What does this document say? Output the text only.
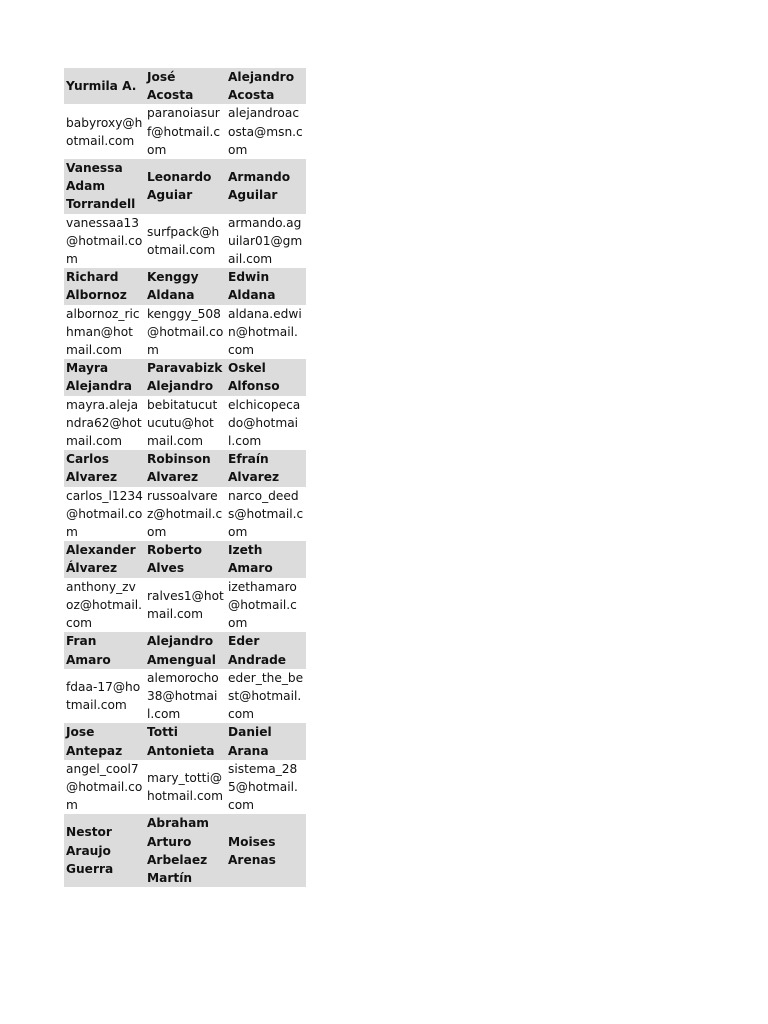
Yurmila A.	José Acosta	Alejandro Acosta
babyroxy@hotmail.com	paranoiasurf@hotmail.com	alejandroacosta@msn.com
Vanessa Adam Torrandell	Leonardo Aguiar	Armando Aguilar
vanessaa13@hotmail.com	surfpack@hotmail.com	armando.aguilar01@gmail.com
Richard Albornoz	Kenggy Aldana	Edwin Aldana
albornoz_richman@hotmail.com	kenggy_508@hotmail.com	aldana.edwin@hotmail.com
Mayra Alejandra	Paravabizk Alejandro	Oskel Alfonso
mayra.alejandra62@hotmail.com	bebitatucutucutu@hotmail.com	elchicopecado@hotmail.com
Carlos Alvarez	Robinson Alvarez	Efraín Alvarez
carlos_l1234@hotmail.com	russoalvarez@hotmail.com	narco_deeds@hotmail.com
Alexander Álvarez	Roberto Alves	Izeth Amaro
anthony_zvoz@hotmail.com	ralves1@hotmail.com	izethamaro@hotmail.com
Fran Amaro	Alejandro Amengual	Eder Andrade
fdaa-17@hotmail.com	alemorocho38@hotmail.com	eder_the_best@hotmail.com
Jose Antepaz	Totti Antonieta	Daniel Arana
angel_cool7@hotmail.com	mary_totti@hotmail.com	sistema_285@hotmail.com
Nestor Araujo Guerra	Abraham Arturo Arbelaez Martín	Moises Arenas
